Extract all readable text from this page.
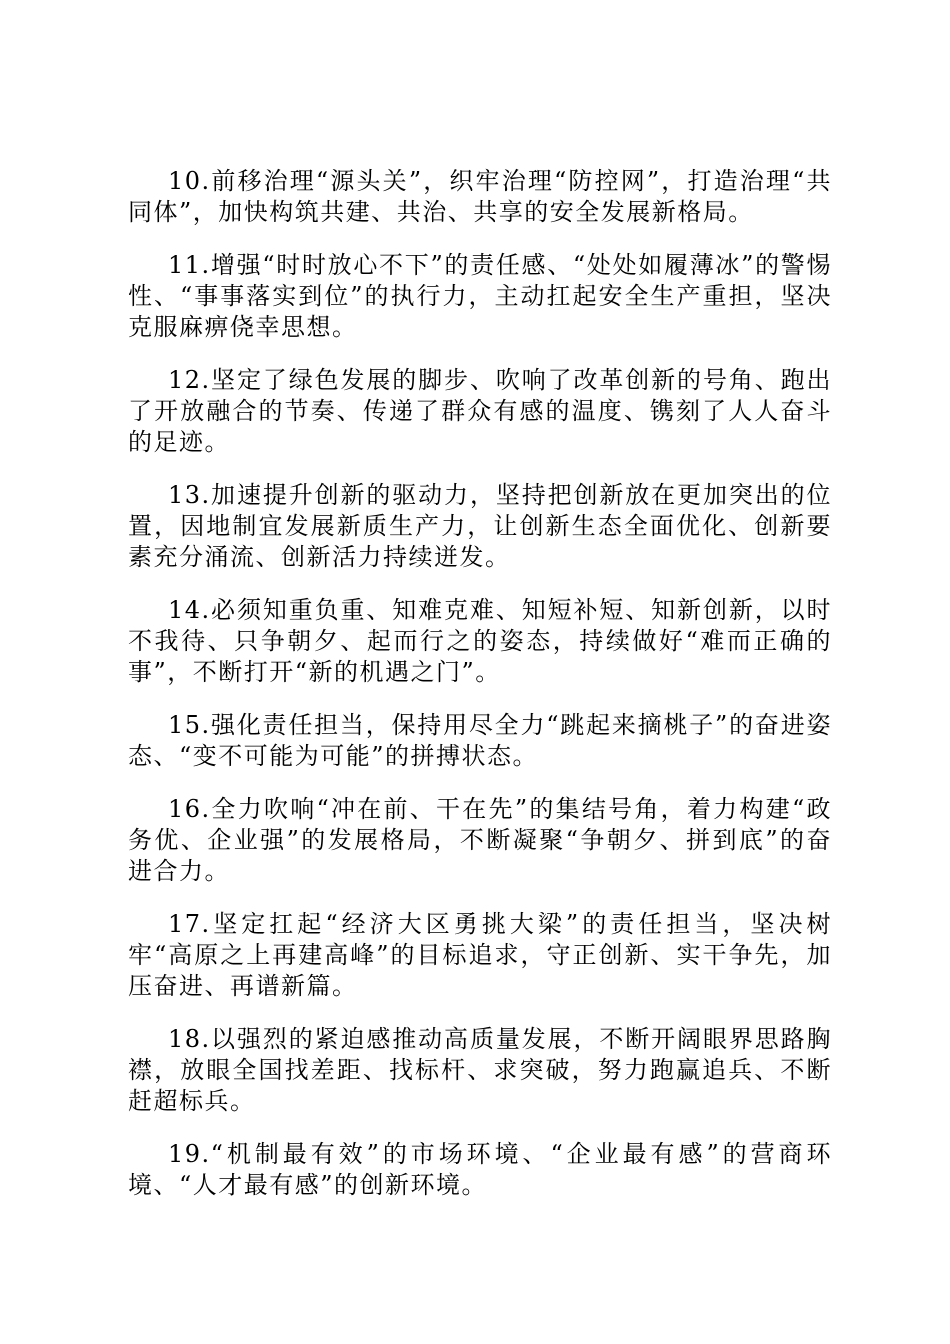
10.前移治理“源头关”，织牢治理“防控网”，打造治理“共同体”，加快构筑共建、共治、共享的安全发展新格局。

11.增强“时时放心不下”的责任感、“处处如履薄冰”的警惕性、“事事落实到位”的执行力，主动扛起安全生产重担，坚决克服麻痹侥幸思想。

12.坚定了绿色发展的脚步、吹响了改革创新的号角、跑出了开放融合的节奏、传递了群众有感的温度、镌刻了人人奋斗的足迹。

13.加速提升创新的驱动力，坚持把创新放在更加突出的位置，因地制宜发展新质生产力，让创新生态全面优化、创新要素充分涌流、创新活力持续迸发。

14.必须知重负重、知难克难、知短补短、知新创新，以时不我待、只争朝夕、起而行之的姿态，持续做好“难而正确的事”，不断打开“新的机遇之门”。

15.强化责任担当，保持用尽全力“跳起来摘桃子”的奋进姿态、“变不可能为可能”的拼搏状态。

16.全力吹响“冲在前、干在先”的集结号角，着力构建“政务优、企业强”的发展格局，不断凝聚“争朝夕、拼到底”的奋进合力。

17.坚定扛起“经济大区勇挑大梁”的责任担当，坚决树牢“高原之上再建高峰”的目标追求，守正创新、实干争先，加压奋进、再谱新篇。

18.以强烈的紧迫感推动高质量发展，不断开阔眼界思路胸襟，放眼全国找差距、找标杆、求突破，努力跑赢追兵、不断赶超标兵。

19.“机制最有效”的市场环境、“企业最有感”的营商环境、“人才最有感”的创新环境。
